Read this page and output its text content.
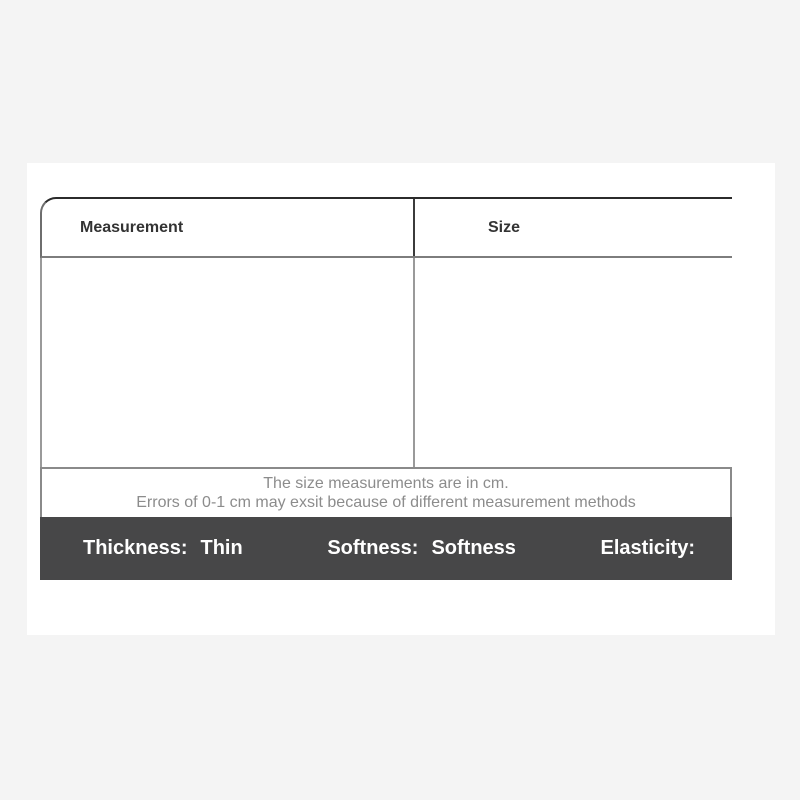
Measurement	Size
The size measurements are in cm.
Errors of 0-1 cm may exsit because of different measurement methods
Thickness: Thin	Softness: Softness	Elasticity:
